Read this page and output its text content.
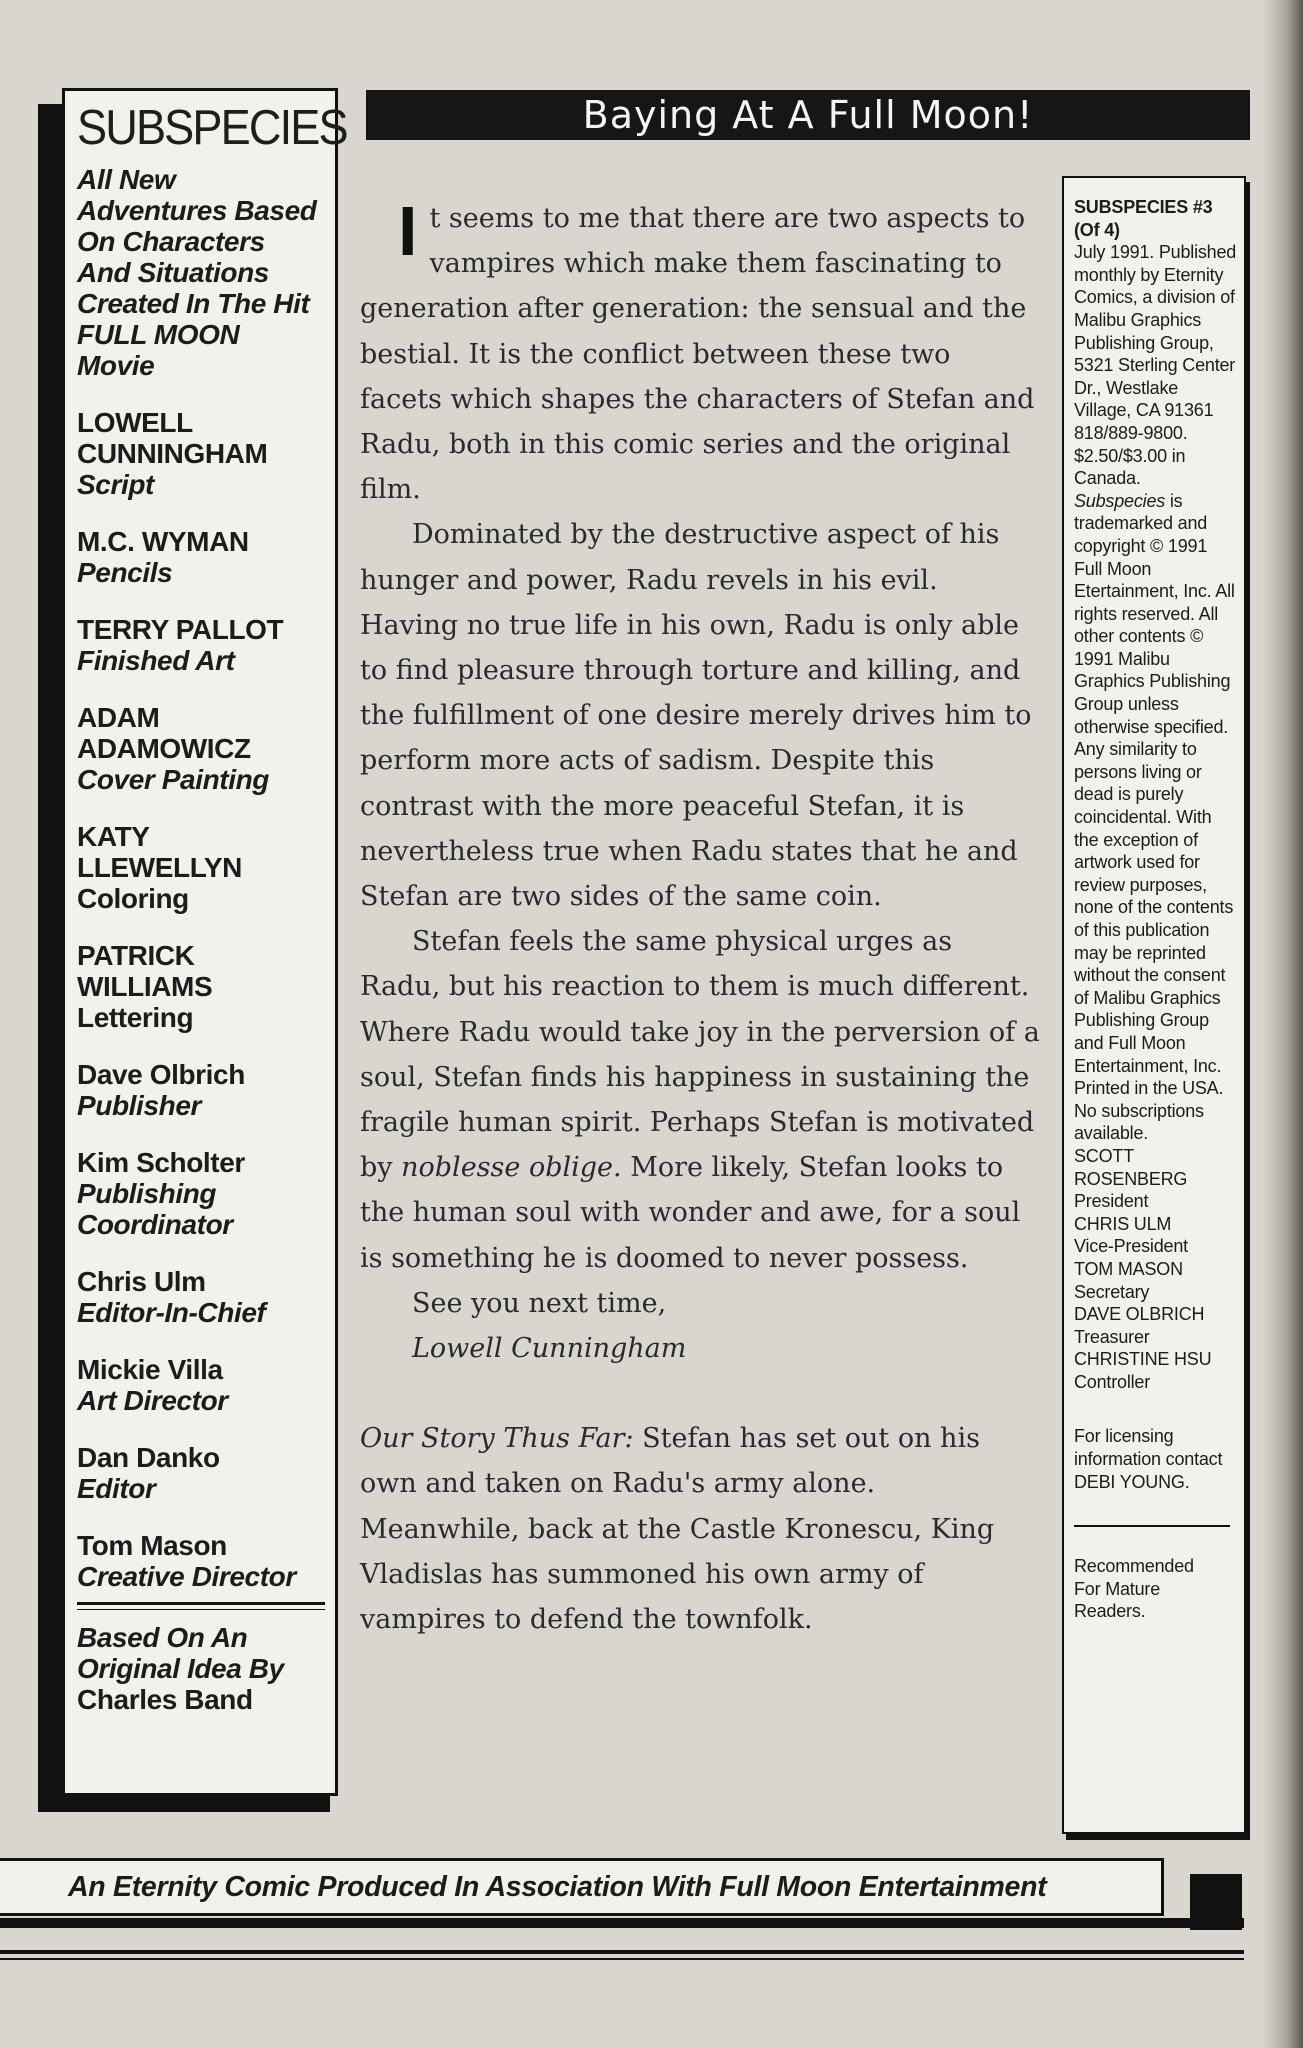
SUBSPECIES
All New
Adventures Based
On Characters
And Situations
Created In The Hit
FULL MOON
Movie
LOWELL
CUNNINGHAM
Script
M.C. WYMAN
Pencils
TERRY PALLOT
Finished Art
ADAM
ADAMOWICZ
Cover Painting
KATY
LLEWELLYN
Coloring
PATRICK
WILLIAMS
Lettering
Dave Olbrich
Publisher
Kim Scholter
Publishing
Coordinator
Chris Ulm
Editor-In-Chief
Mickie Villa
Art Director
Dan Danko
Editor
Tom Mason
Creative Director

Based On An
Original Idea By
Charles Band

Baying At A Full Moon!

It seems to me that there are two aspects to vampires which make them fascinating to generation after generation: the sensual and the bestial. It is the conflict between these two facets which shapes the characters of Stefan and Radu, both in this comic series and the original film.

Dominated by the destructive aspect of his hunger and power, Radu revels in his evil. Having no true life in his own, Radu is only able to find pleasure through torture and killing, and the fulfillment of one desire merely drives him to perform more acts of sadism. Despite this contrast with the more peaceful Stefan, it is nevertheless true when Radu states that he and Stefan are two sides of the same coin.

Stefan feels the same physical urges as Radu, but his reaction to them is much different. Where Radu would take joy in the perversion of a soul, Stefan finds his happiness in sustaining the fragile human spirit. Perhaps Stefan is motivated by noblesse oblige. More likely, Stefan looks to the human soul with wonder and awe, for a soul is something he is doomed to never possess.

See you next time,

Lowell Cunningham

Our Story Thus Far: Stefan has set out on his own and taken on Radu's army alone. Meanwhile, back at the Castle Kronescu, King Vladislas has summoned his own army of vampires to defend the townfolk.

SUBSPECIES #3
(Of 4)

July 1991. Published monthly by Eternity Comics, a division of Malibu Graphics Publishing Group, 5321 Sterling Center Dr., Westlake Village, CA 91361 818/889-9800. $2.50/$3.00 in Canada.

Subspecies is trademarked and copyright © 1991 Full Moon Etertainment, Inc. All rights reserved. All other contents © 1991 Malibu Graphics Publishing Group unless otherwise specified. Any similarity to persons living or dead is purely coincidental. With the exception of artwork used for review purposes, none of the contents of this publication may be reprinted without the consent of Malibu Graphics Publishing Group and Full Moon Entertainment, Inc. Printed in the USA. No subscriptions available.

SCOTT
ROSENBERG
President
CHRIS ULM
Vice-President
TOM MASON
Secretary
DAVE OLBRICH
Treasurer
CHRISTINE HSU
Controller

For licensing
information contact
DEBI YOUNG.

Recommended
For Mature
Readers.

An Eternity Comic Produced In Association With Full Moon Entertainment
